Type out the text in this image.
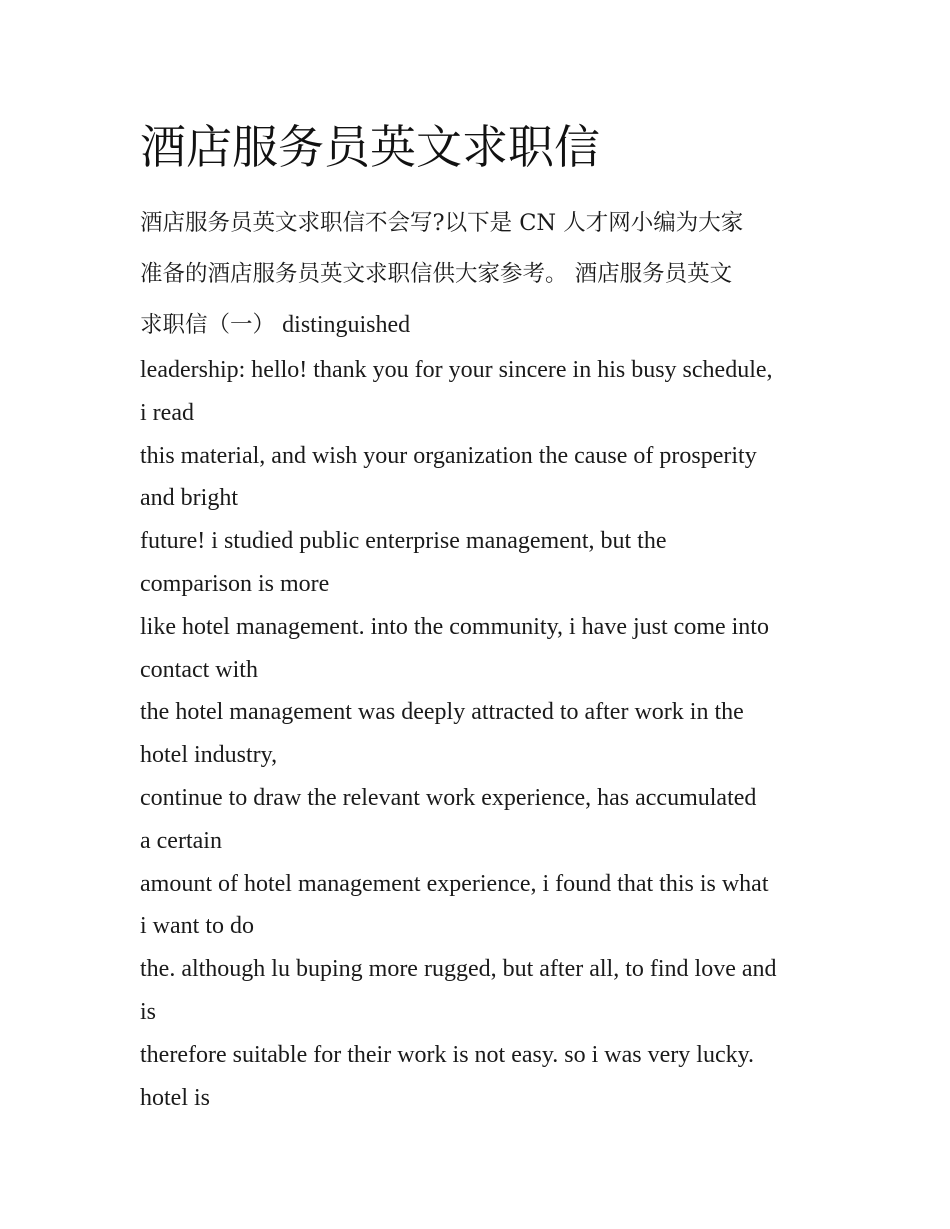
酒店服务员英文求职信
酒店服务员英文求职信不会写?以下是 CN 人才网小编为大家
准备的酒店服务员英文求职信供大家参考。 酒店服务员英文
求职信（一） distinguished
leadership: hello! thank you for your sincere in his busy schedule,
i read
this material, and wish your organization the cause of prosperity
and bright
future! i studied public enterprise management, but the
comparison is more
like hotel management. into the community, i have just come into
contact with
the hotel management was deeply attracted to after work in the
hotel industry,
continue to draw the relevant work experience, has accumulated
a certain
amount of hotel management experience, i found that this is what
i want to do
the. although lu buping more rugged, but after all, to find love and
is
therefore suitable for their work is not easy. so i was very lucky.
hotel is
